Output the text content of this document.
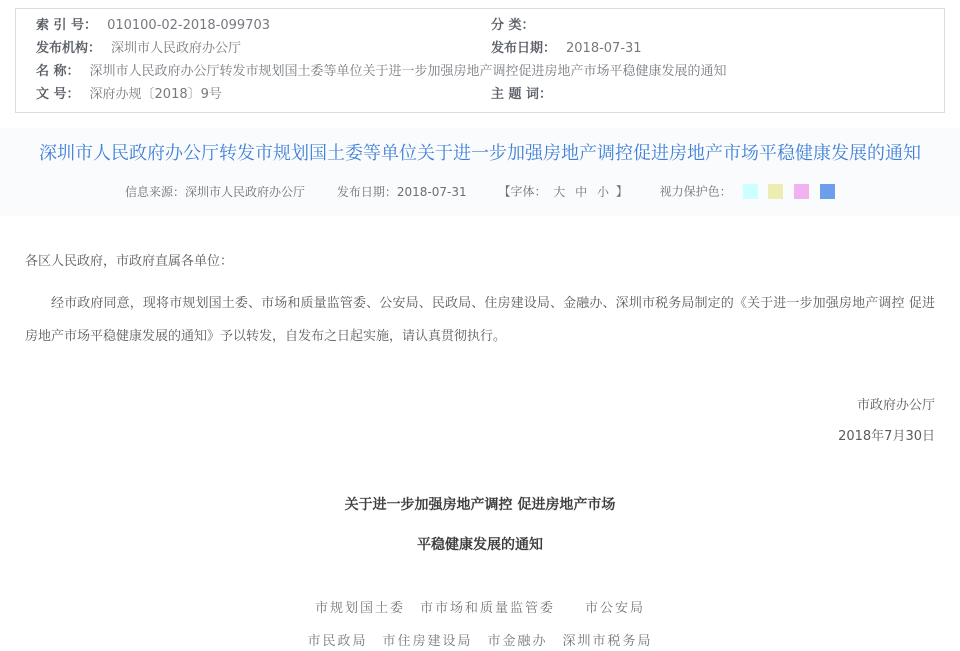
索 引 号： 010100-02-2018-099703	分 类：
发布机构： 深圳市人民政府办公厅	发布日期： 2018-07-31
名 称： 深圳市人民政府办公厅转发市规划国土委等单位关于进一步加强房地产调控促进房地产市场平稳健康发展的通知
文 号： 深府办规〔2018〕9号	主 题 词：
深圳市人民政府办公厅转发市规划国土委等单位关于进一步加强房地产调控促进房地产市场平稳健康发展的通知
信息来源：深圳市人民政府办公厅	发布日期：2018-07-31	【字体： 大 中 小 】	视力保护色：

各区人民政府，市政府直属各单位：

经市政府同意，现将市规划国土委、市场和质量监管委、公安局、民政局、住房建设局、金融办、深圳市税务局制定的《关于进一步加强房地产调控 促进房地产市场平稳健康发展的通知》予以转发，自发布之日起实施，请认真贯彻执行。

市政府办公厅

2018年7月30日

关于进一步加强房地产调控 促进房地产市场

平稳健康发展的通知

市规划国土委　市市场和质量监管委　　市公安局

市民政局　市住房建设局　市金融办　深圳市税务局
